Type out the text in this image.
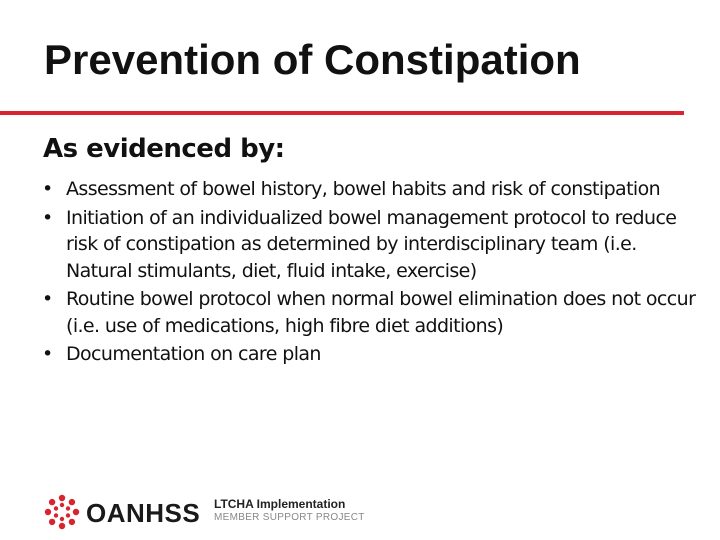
Prevention of Constipation
As evidenced by:
• Assessment of bowel history, bowel habits and risk of constipation
• Initiation of an individualized bowel management protocol to reduce risk of constipation as determined by interdisciplinary team (i.e. Natural stimulants, diet, fluid intake, exercise)
• Routine bowel protocol when normal bowel elimination does not occur (i.e. use of medications, high fibre diet additions)
• Documentation on care plan
OANHSS LTCHA Implementation
MEMBER SUPPORT PROJECT
